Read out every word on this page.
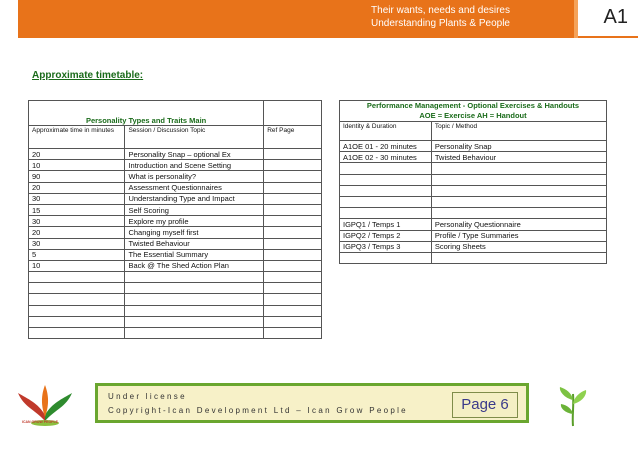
Their wants, needs and desires
Understanding Plants & People	A1
Approximate timetable:
Personality Types and Traits Main		
Approximate time in minutes	Session / Discussion Topic	Ref Page
20	Personality Snap – optional Ex	
10	Introduction and Scene Setting	
90	What is personality?	
20	Assessment Questionnaires	
30	Understanding Type and Impact	
15	Self Scoring	
30	Explore my profile	
20	Changing myself first	
30	Twisted Behaviour	
5	The Essential Summary	
10	Back @ The Shed Action Plan	

Performance Management - Optional Exercises & Handouts
AOE = Exercise AH = Handout	

Identity & Duration	Topic / Method
A1OE 01 - 20 minutes	Personality Snap
A1OE 02 - 30 minutes	Twisted Behaviour

IGPQ1 / Temps 1	Personality Questionnaire
IGPQ2 / Temps 2	Profile / Type Summaries
IGPQ3 / Temps 3	Scoring Sheets

ICAN GROW PEOPLE
Under license
Copyright-Ican Development Ltd – Ican Grow People	Page 6
